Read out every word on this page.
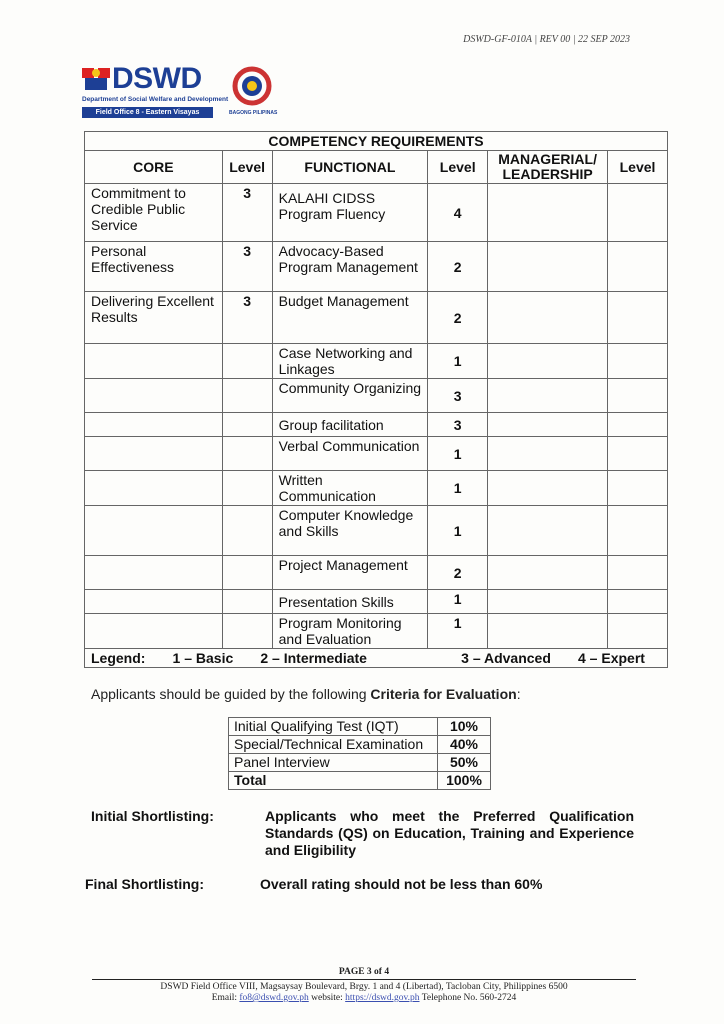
DSWD-GF-010A | REV 00 | 22 SEP 2023
DSWD
Department of Social Welfare and Development
Field Office 8 - Eastern Visayas	BAGONG PILIPINAS
COMPETENCY REQUIREMENTS					
CORE	Level	FUNCTIONAL	Level	MANAGERIAL/ LEADERSHIP	Level
Commitment to Credible Public Service	3	KALAHI CIDSS Program Fluency	4		
Personal Effectiveness	3	Advocacy-Based Program Management	2		
Delivering Excellent Results	3	Budget Management	2		
		Case Networking and Linkages	1		
		Community Organizing	3		
		Group facilitation	3		
		Verbal Communication	1		
		Written Communication	1		
		Computer Knowledge and Skills	1		
		Project Management	2		
		Presentation Skills	1		
		Program Monitoring and Evaluation	1		

Legend: 1 – Basic 2 – Intermediate 3 – Advanced 4 – Expert					
Applicants should be guided by the following Criteria for Evaluation:
Initial Qualifying Test (IQT)	10%
Special/Technical Examination	40%
Panel Interview	50%
Total	100%
Initial Shortlisting:	Applicants who meet the Preferred Qualification Standards (QS) on Education, Training and Experience and Eligibility
Final Shortlisting:	Overall rating should not be less than 60%
PAGE 3 of 4
DSWD Field Office VIII, Magsaysay Boulevard, Brgy. 1 and 4 (Libertad), Tacloban City, Philippines 6500
Email: fo8@dswd.gov.ph website: https://dswd.gov.ph Telephone No. 560-2724
